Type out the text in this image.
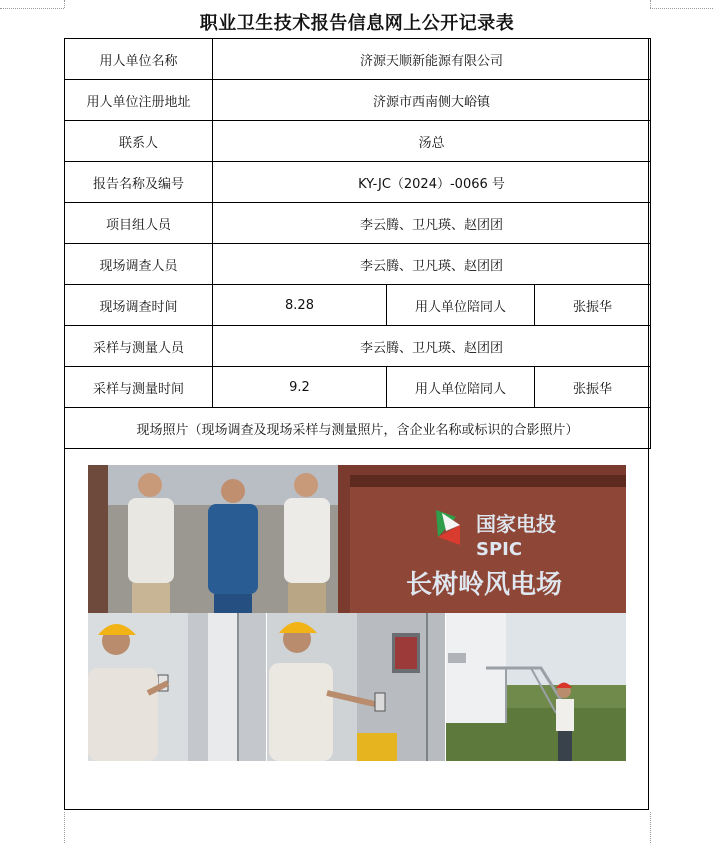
职业卫生技术报告信息网上公开记录表
用人单位名称	济源天顺新能源有限公司		
用人单位注册地址	济源市西南侧大峪镇		
联系人	汤总		
报告名称及编号	KY-JC（2024）-0066 号		
项目组人员	李云腾、卫凡瑛、赵团团		
现场调查人员	李云腾、卫凡瑛、赵团团		
现场调查时间	8.28	用人单位陪同人	张振华
采样与测量人员	李云腾、卫凡瑛、赵团团		
采样与测量时间	9.2	用人单位陪同人	张振华
现场照片（现场调查及现场采样与测量照片，含企业名称或标识的合影照片）			
国家电投
SPIC
长树岭风电场
